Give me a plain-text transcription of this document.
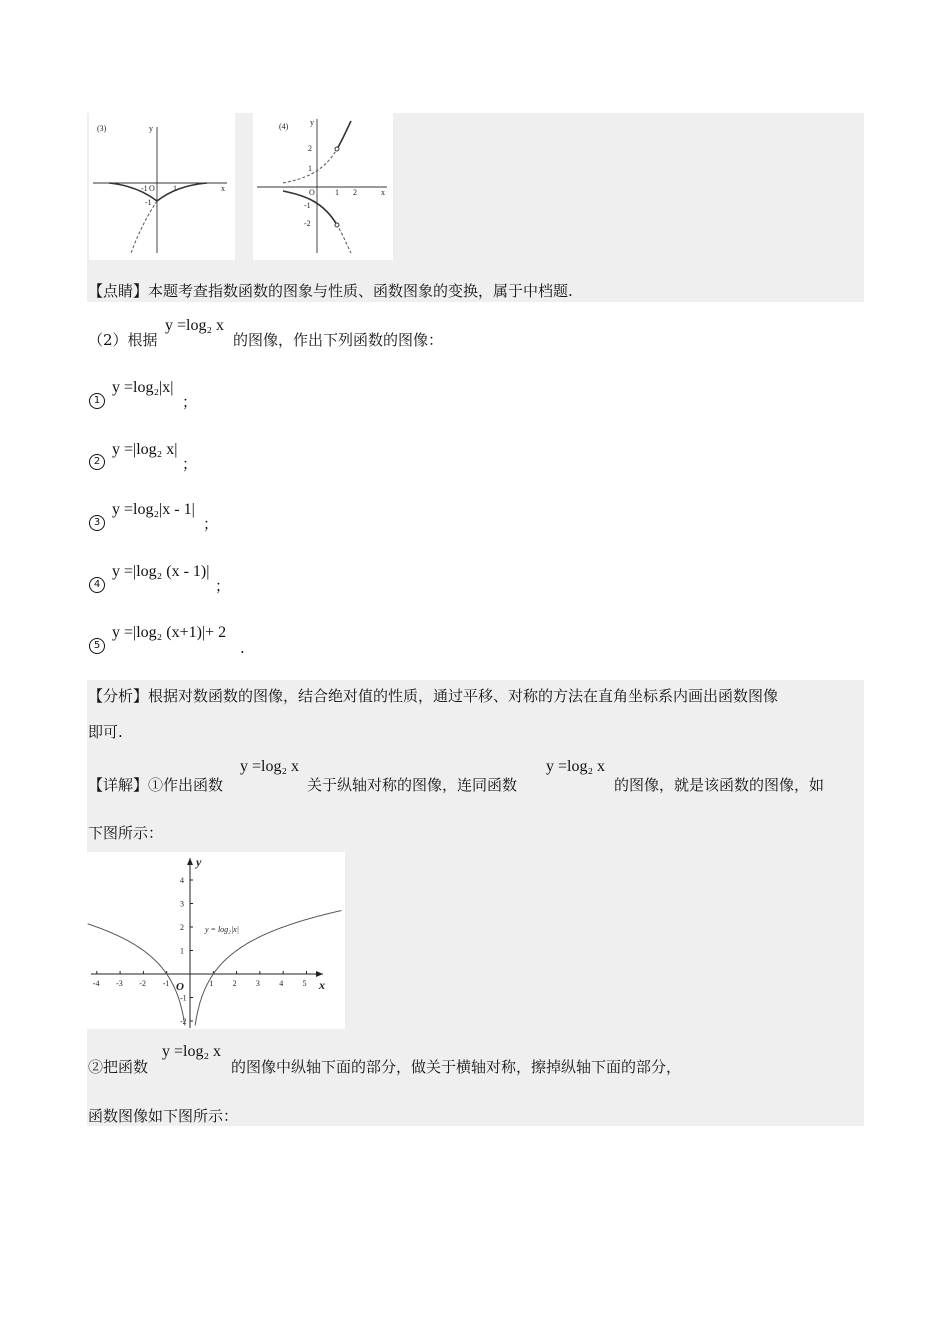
(3)
x
y
O
-1	1
-1
(4)
x
y
O
2
1
1 2
-1
-2
【点睛】本题考查指数函数的图象与性质、函数图象的变换，属于中档题.
（2）根据
y =log₂ x
的图像，作出下列函数的图像：
1
y =log₂|x|
；
2
y =|log₂ x|
；
3
y =log₂|x - 1|
；
4
y =|log₂ (x - 1)|
；
5
y =|log₂ (x+1)|+ 2
.
【分析】根据对数函数的图像，结合绝对值的性质，通过平移、对称的方法在直角坐标系内画出函数图像
即可.
【详解】①作出函数
y =log₂ x
关于纵轴对称的图像，连同函数
y =log₂ x
的图像，就是该函数的图像，如
下图所示：
y
x
O
y = log₂|x|
-4 -3 -2 -1	1 2 3 4 5
4
3
2
1
-1
-2
②把函数
y =log₂ x
的图像中纵轴下面的部分，做关于横轴对称，擦掉纵轴下面的部分，
函数图像如下图所示：
